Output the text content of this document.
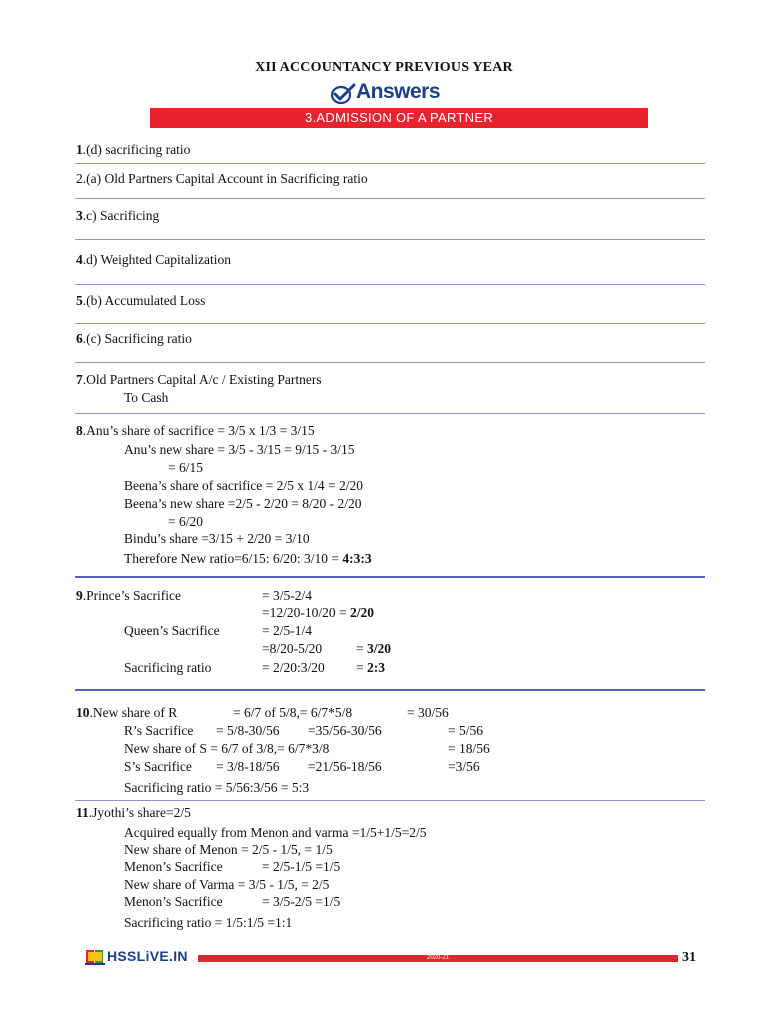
XII ACCOUNTANCY PREVIOUS YEAR
Answers
3.ADMISSION OF A PARTNER
1.(d) sacrificing ratio
2.(a) Old Partners Capital Account in Sacrificing ratio
3.c) Sacrificing
4.d) Weighted Capitalization
5.(b) Accumulated Loss
6.(c) Sacrificing ratio
7.Old Partners Capital A/c / Existing Partners
To Cash
8.Anu’s share of sacrifice = 3/5 x 1/3 = 3/15
Anu’s new share = 3/5 - 3/15 = 9/15 - 3/15
= 6/15
Beena’s share of sacrifice = 2/5 x 1/4 = 2/20
Beena’s new share =2/5 - 2/20 = 8/20 - 2/20
= 6/20
Bindu’s share =3/15 + 2/20 = 3/10
Therefore New ratio=6/15: 6/20: 3/10 = 4:3:3
9.Prince’s Sacrifice	= 3/5-2/4
=12/20-10/20 = 2/20
Queen’s Sacrifice	= 2/5-1/4
=8/20-5/20	= 3/20
Sacrificing ratio	= 2/20:3/20 = 2:3
10.New share of R	= 6/7 of 5/8,= 6/7*5/8	= 30/56
R’s Sacrifice = 5/8-30/56 =35/56-30/56	= 5/56
New share of S = 6/7 of 3/8,= 6/7*3/8	= 18/56
S’s Sacrifice = 3/8-18/56 =21/56-18/56	=3/56
Sacrificing ratio = 5/56:3/56 = 5:3
11.Jyothi’s share=2/5
Acquired equally from Menon and varma =1/5+1/5=2/5
New share of Menon = 2/5 - 1/5, = 1/5
Menon’s Sacrifice	= 2/5-1/5 =1/5
New share of Varma = 3/5 - 1/5, = 2/5
Menon’s Sacrifice	= 3/5-2/5 =1/5
Sacrificing ratio = 1/5:1/5 =1:1
HSSLiVE.IN	2020-21	31
